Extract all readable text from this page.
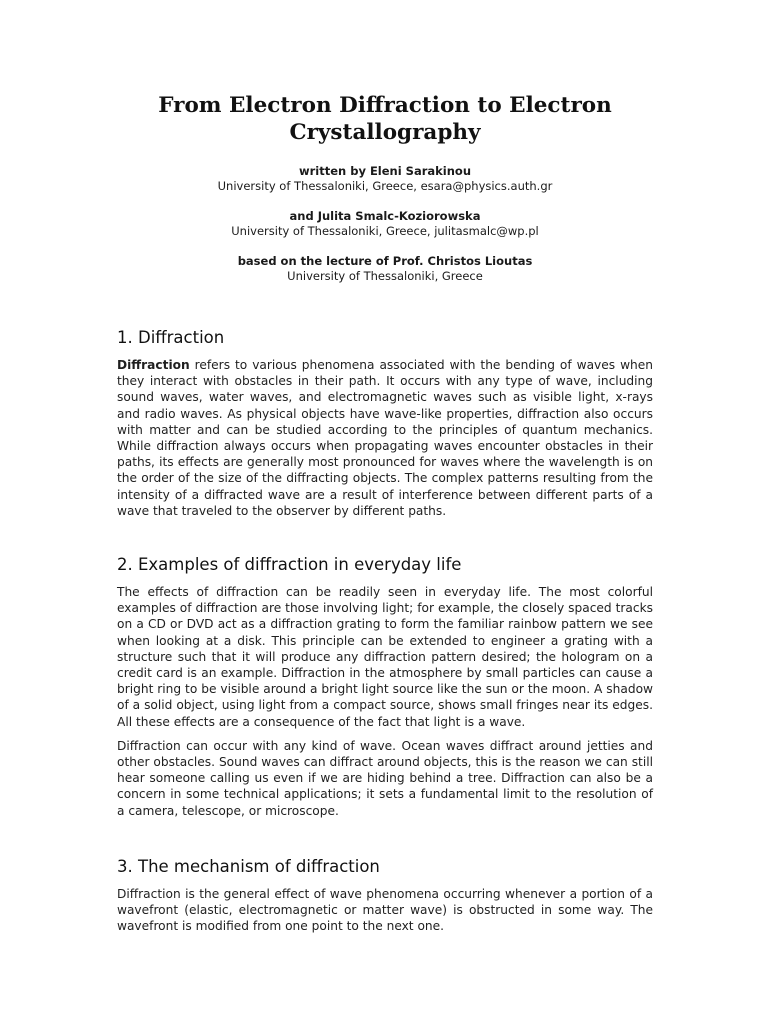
From Electron Diffraction to Electron Crystallography
written by Eleni Sarakinou
University of Thessaloniki, Greece, esara@physics.auth.gr
and Julita Smalc-Koziorowska
University of Thessaloniki, Greece, julitasmalc@wp.pl
based on the lecture of Prof. Christos Lioutas
University of Thessaloniki, Greece
1. Diffraction

Diffraction refers to various phenomena associated with the bending of waves when they interact with obstacles in their path. It occurs with any type of wave, including sound waves, water waves, and electromagnetic waves such as visible light, x-rays and radio waves. As physical objects have wave-like properties, diffraction also occurs with matter and can be studied according to the principles of quantum mechanics. While diffraction always occurs when propagating waves encounter obstacles in their paths, its effects are generally most pronounced for waves where the wavelength is on the order of the size of the diffracting objects. The complex patterns resulting from the intensity of a diffracted wave are a result of interference between different parts of a wave that traveled to the observer by different paths.

2. Examples of diffraction in everyday life

The effects of diffraction can be readily seen in everyday life. The most colorful examples of diffraction are those involving light; for example, the closely spaced tracks on a CD or DVD act as a diffraction grating to form the familiar rainbow pattern we see when looking at a disk. This principle can be extended to engineer a grating with a structure such that it will produce any diffraction pattern desired; the hologram on a credit card is an example. Diffraction in the atmosphere by small particles can cause a bright ring to be visible around a bright light source like the sun or the moon. A shadow of a solid object, using light from a compact source, shows small fringes near its edges. All these effects are a consequence of the fact that light is a wave.

Diffraction can occur with any kind of wave. Ocean waves diffract around jetties and other obstacles. Sound waves can diffract around objects, this is the reason we can still hear someone calling us even if we are hiding behind a tree. Diffraction can also be a concern in some technical applications; it sets a fundamental limit to the resolution of a camera, telescope, or microscope.

3. The mechanism of diffraction

Diffraction is the general effect of wave phenomena occurring whenever a portion of a wavefront (elastic, electromagnetic or matter wave) is obstructed in some way. The wavefront is modified from one point to the next one.
